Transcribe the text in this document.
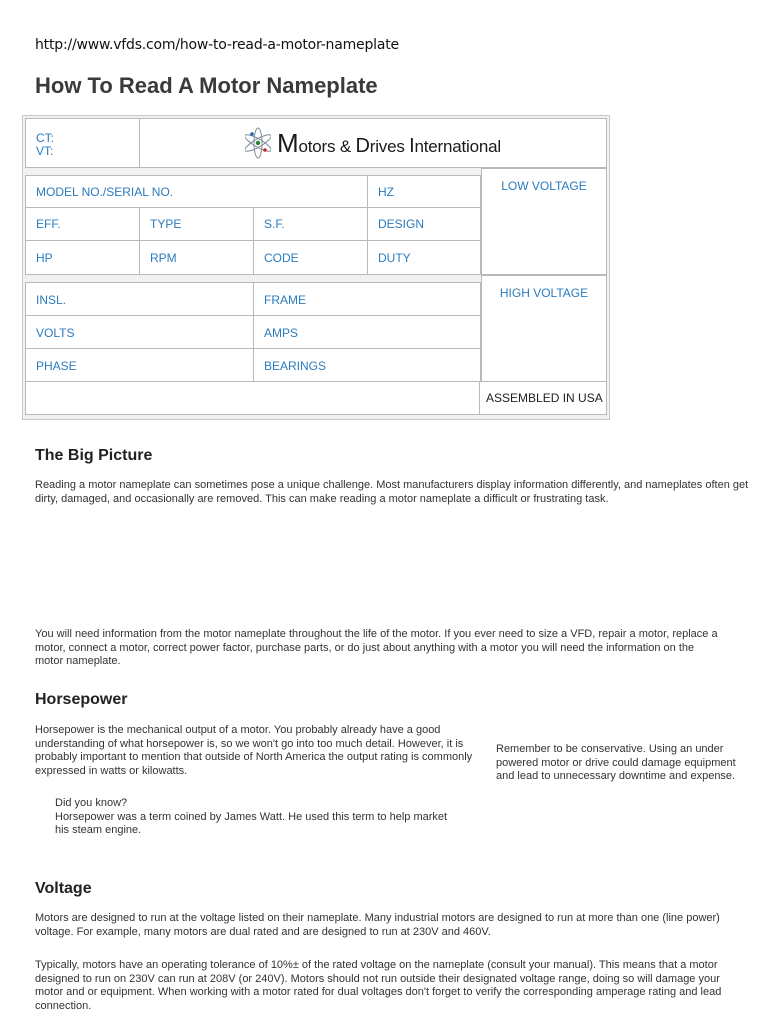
http://www.vfds.com/how-to-read-a-motor-nameplate
How To Read A Motor Nameplate
CT:
VT:	Motors & Drives International
MODEL NO./SERIAL NO.	HZ	LOW VOLTAGE
EFF.	TYPE	S.F.	DESIGN
HP	RPM	CODE	DUTY
INSL.	FRAME	HIGH VOLTAGE
VOLTS	AMPS
PHASE	BEARINGS
ASSEMBLED IN USA
The Big Picture

Reading a motor nameplate can sometimes pose a unique challenge. Most manufacturers display information differently, and nameplates often get dirty, damaged, and occasionally are removed. This can make reading a motor nameplate a difficult or frustrating task.

You will need information from the motor nameplate throughout the life of the motor. If you ever need to size a VFD, repair a motor, replace a motor, connect a motor, correct power factor, purchase parts, or do just about anything with a motor you will need the information on the motor nameplate.

Horsepower

Horsepower is the mechanical output of a motor. You probably already have a good understanding of what horsepower is, so we won't go into too much detail. However, it is probably important to mention that outside of North America the output rating is commonly expressed in watts or kilowatts.

Remember to be conservative. Using an under powered motor or drive could damage equipment and lead to unnecessary downtime and expense.

Did you know?
Horsepower was a term coined by James Watt. He used this term to help market his steam engine.
Voltage

Motors are designed to run at the voltage listed on their nameplate. Many industrial motors are designed to run at more than one (line power) voltage. For example, many motors are dual rated and are designed to run at 230V and 460V.

Typically, motors have an operating tolerance of 10%± of the rated voltage on the nameplate (consult your manual). This means that a motor designed to run on 230V can run at 208V (or 240V). Motors should not run outside their designated voltage range, doing so will damage your motor and or equipment. When working with a motor rated for dual voltages don't forget to verify the corresponding amperage rating and lead connection.
